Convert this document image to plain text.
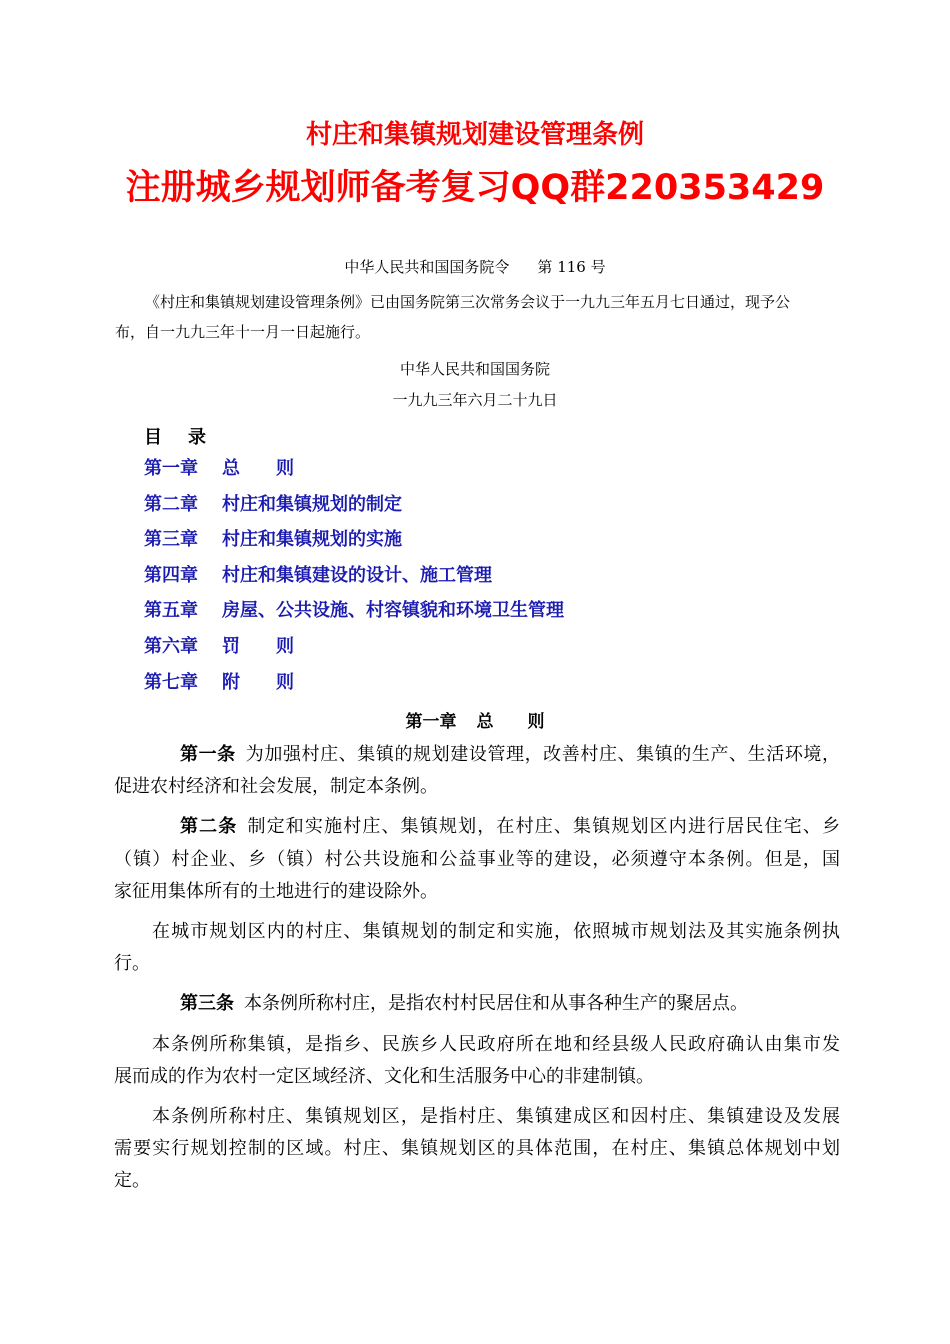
村庄和集镇规划建设管理条例
注册城乡规划师备考复习QQ群220353429
中华人民共和国国务院令 第 116 号
《村庄和集镇规划建设管理条例》已由国务院第三次常务会议于一九九三年五月七日通过，现予公
布，自一九九三年十一月一日起施行。
中华人民共和国国务院
一九九三年六月二十九日
目 录
第一章 总　　则
第二章 村庄和集镇规划的制定
第三章 村庄和集镇规划的实施
第四章 村庄和集镇建设的设计、施工管理
第五章 房屋、公共设施、村容镇貌和环境卫生管理
第六章 罚　　则
第七章 附　　则
第一章 总　　则
第一条 为加强村庄、集镇的规划建设管理，改善村庄、集镇的生产、生活环境，
促进农村经济和社会发展，制定本条例。
第二条 制定和实施村庄、集镇规划，在村庄、集镇规划区内进行居民住宅、乡
（镇）村企业、乡（镇）村公共设施和公益事业等的建设，必须遵守本条例。但是，国
家征用集体所有的土地进行的建设除外。
在城市规划区内的村庄、集镇规划的制定和实施，依照城市规划法及其实施条例执
行。
第三条 本条例所称村庄，是指农村村民居住和从事各种生产的聚居点。
本条例所称集镇，是指乡、民族乡人民政府所在地和经县级人民政府确认由集市发
展而成的作为农村一定区域经济、文化和生活服务中心的非建制镇。
本条例所称村庄、集镇规划区，是指村庄、集镇建成区和因村庄、集镇建设及发展
需要实行规划控制的区域。村庄、集镇规划区的具体范围，在村庄、集镇总体规划中划
定。
